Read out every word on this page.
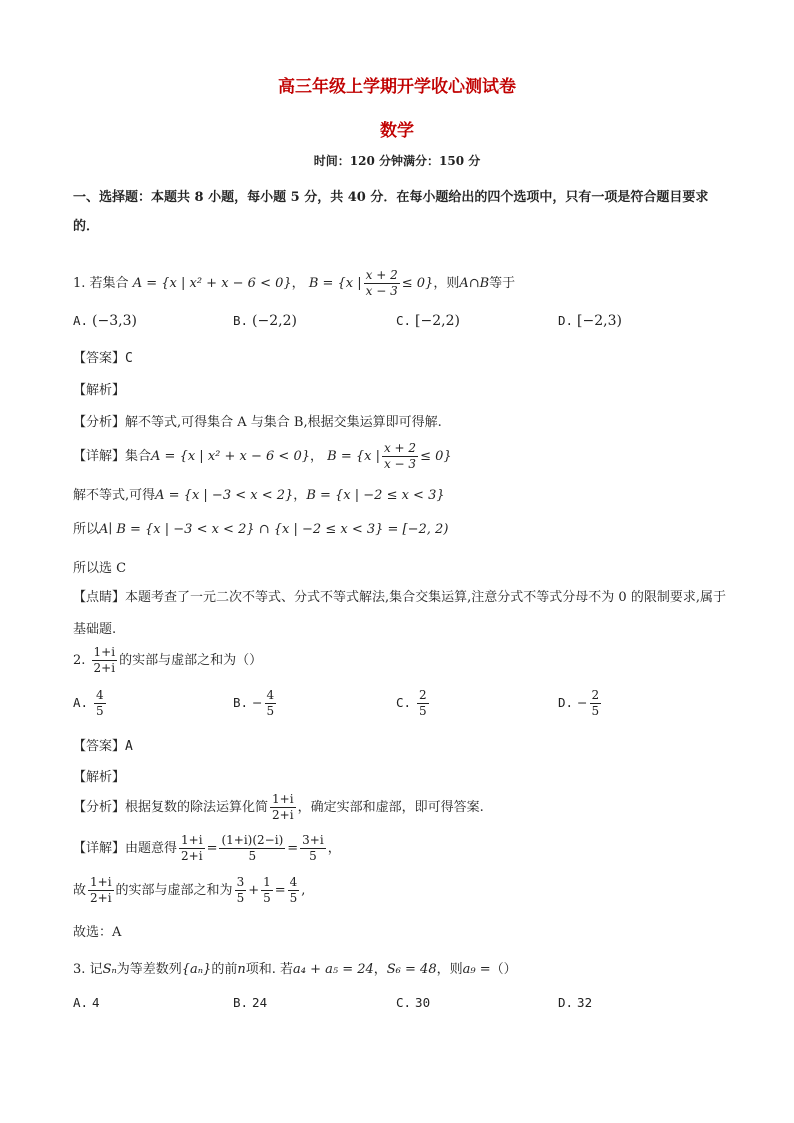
高三年级上学期开学收心测试卷
数学
时间：120 分钟满分：150 分
一、选择题：本题共 8 小题，每小题 5 分，共 40 分．在每小题给出的四个选项中，只有一项是符合题目要求的．
1. 若集合 A = {x | x² + x − 6 < 0}， B = {x | $\frac{x + 2}{x - 3} \le 0$}，则A∩B等于
A. (−3,3)	B. (−2,2)	C. [−2,2)	D. [−2,3)
【答案】C
【解析】
【分析】解不等式,可得集合 A 与集合 B,根据交集运算即可得解.
【详解】集合A = {x | x² + x − 6 < 0}， B = {x | $\frac{x + 2}{x - 3} \le 0$}
解不等式,可得A = {x | −3 < x < 2}，B = {x | −2 ≤ x < 3}
所以A∣ B = {x | −3 < x < 2} ∩ {x | −2 ≤ x < 3} = [−2, 2)
所以选 C
【点睛】本题考查了一元二次不等式、分式不等式解法,集合交集运算,注意分式不等式分母不为 0 的限制要求,属于基础题.
2. $\frac{1+i}{2+i}$ 的实部与虚部之和为（）
A. $\frac{4}{5}$	B. − $\frac{4}{5}$	C. $\frac{2}{5}$	D. − $\frac{2}{5}$
【答案】A
【解析】
【分析】根据复数的除法运算化简 $\frac{1+i}{2+i}$ ，确定实部和虚部，即可得答案.
【详解】由题意得 $\frac{1+i}{2+i} = \frac{(1+i)(2-i)}{5} = \frac{3+i}{5}$ ，
故 $\frac{1+i}{2+i}$ 的实部与虚部之和为 $\frac{3}{5} + \frac{1}{5} = \frac{4}{5}$ ,
故选：A
3. 记Sₙ为等差数列{aₙ}的前n项和. 若a₄ + a₅ = 24，S₆ = 48，则a₉ =（）
A. 4	B. 24	C. 30	D. 32
